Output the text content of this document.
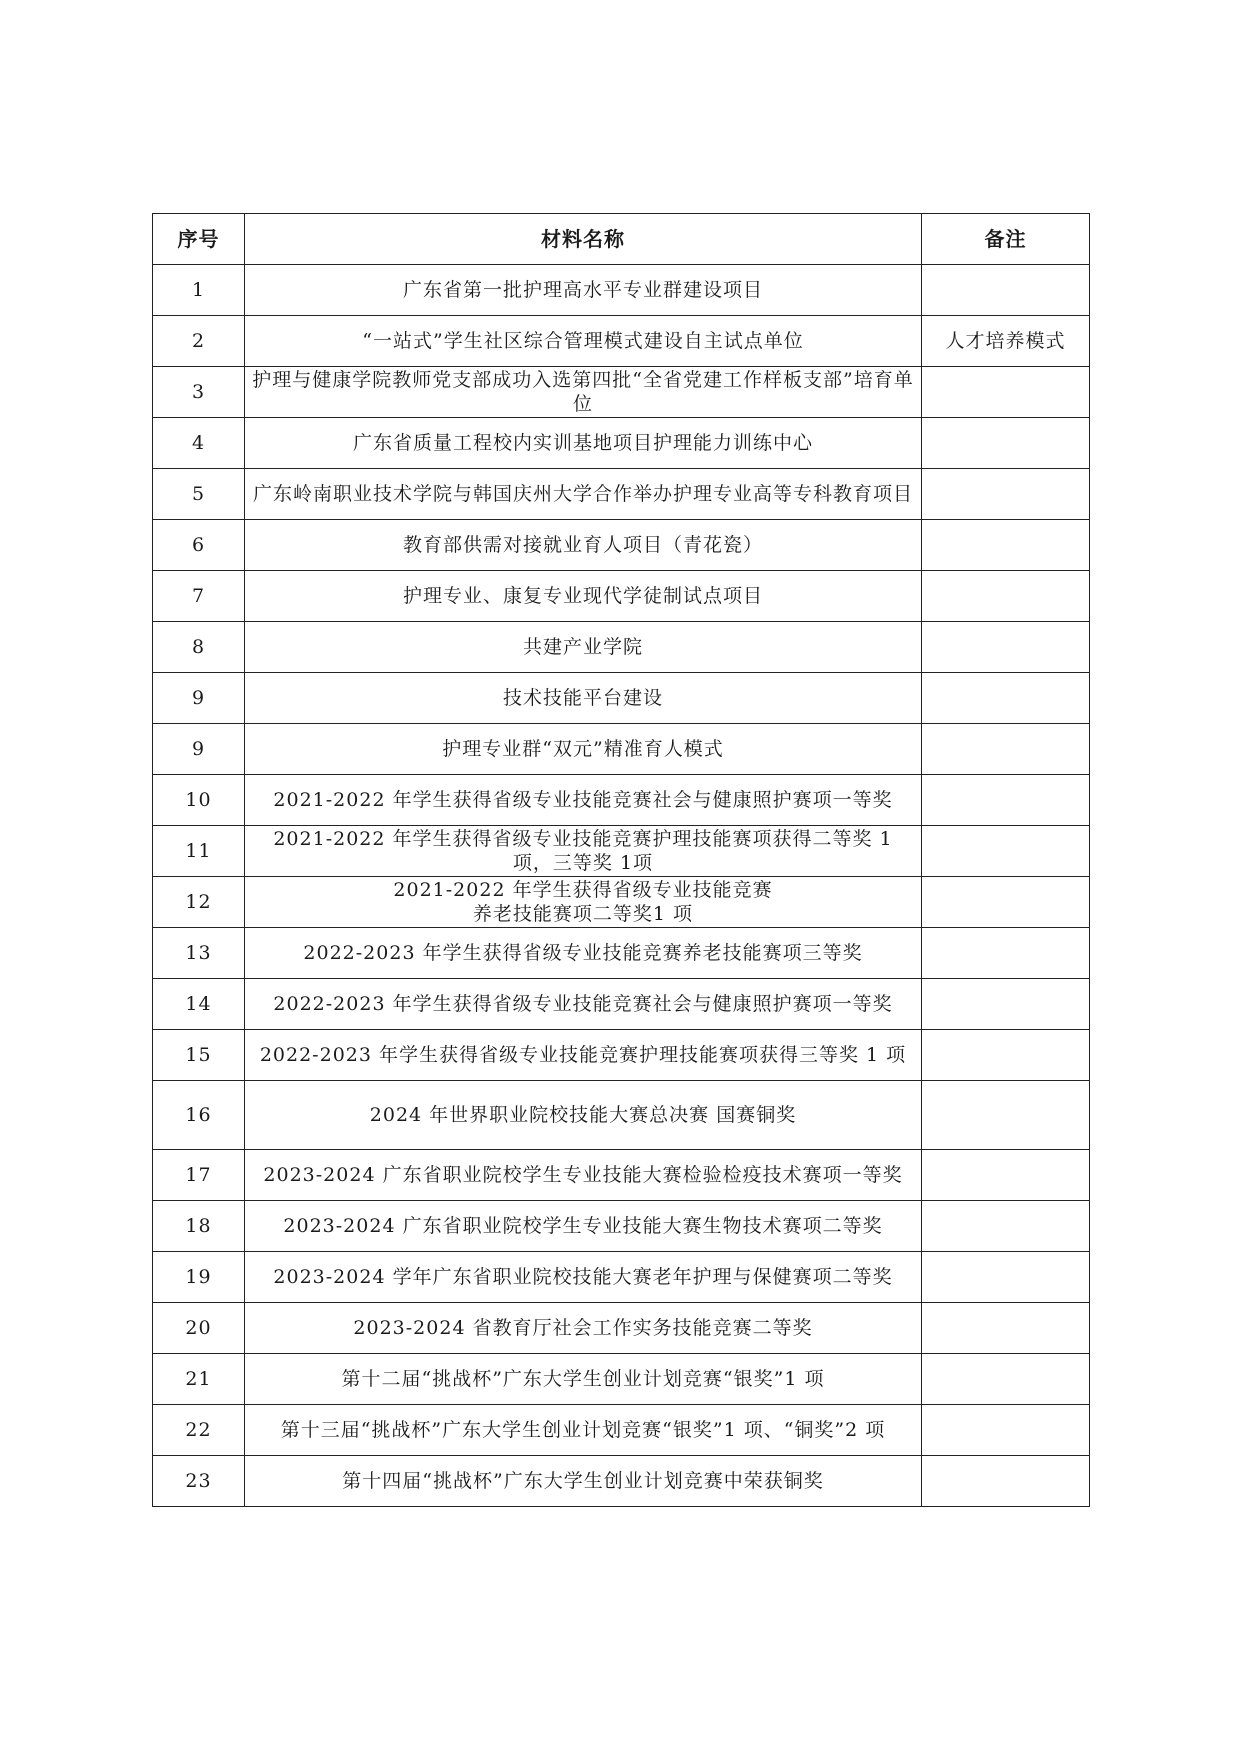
序号	材料名称	备注
1	广东省第一批护理高水平专业群建设项目	
2	“一站式”学生社区综合管理模式建设自主试点单位	人才培养模式
3	护理与健康学院教师党支部成功入选第四批“全省党建工作样板支部”培育单位	
4	广东省质量工程校内实训基地项目护理能力训练中心	
5	广东岭南职业技术学院与韩国庆州大学合作举办护理专业高等专科教育项目	
6	教育部供需对接就业育人项目（青花瓷）	
7	护理专业、康复专业现代学徒制试点项目	
8	共建产业学院	
9	技术技能平台建设	
9	护理专业群“双元”精准育人模式	
10	2021-2022 年学生获得省级专业技能竞赛社会与健康照护赛项一等奖	
11	2021-2022 年学生获得省级专业技能竞赛护理技能赛项获得二等奖 1 项，三等奖 1项	
12	2021-2022 年学生获得省级专业技能竞赛
养老技能赛项二等奖1 项	
13	2022-2023 年学生获得省级专业技能竞赛养老技能赛项三等奖	
14	2022-2023 年学生获得省级专业技能竞赛社会与健康照护赛项一等奖	
15	2022-2023 年学生获得省级专业技能竞赛护理技能赛项获得三等奖 1 项	
16	2024 年世界职业院校技能大赛总决赛 国赛铜奖	
17	2023-2024 广东省职业院校学生专业技能大赛检验检疫技术赛项一等奖	
18	2023-2024 广东省职业院校学生专业技能大赛生物技术赛项二等奖	
19	2023-2024 学年广东省职业院校技能大赛老年护理与保健赛项二等奖	
20	2023-2024 省教育厅社会工作实务技能竞赛二等奖	
21	第十二届“挑战杯”广东大学生创业计划竞赛“银奖”1 项	
22	第十三届“挑战杯”广东大学生创业计划竞赛“银奖”1 项、“铜奖”2 项	
23	第十四届“挑战杯”广东大学生创业计划竞赛中荣获铜奖	
